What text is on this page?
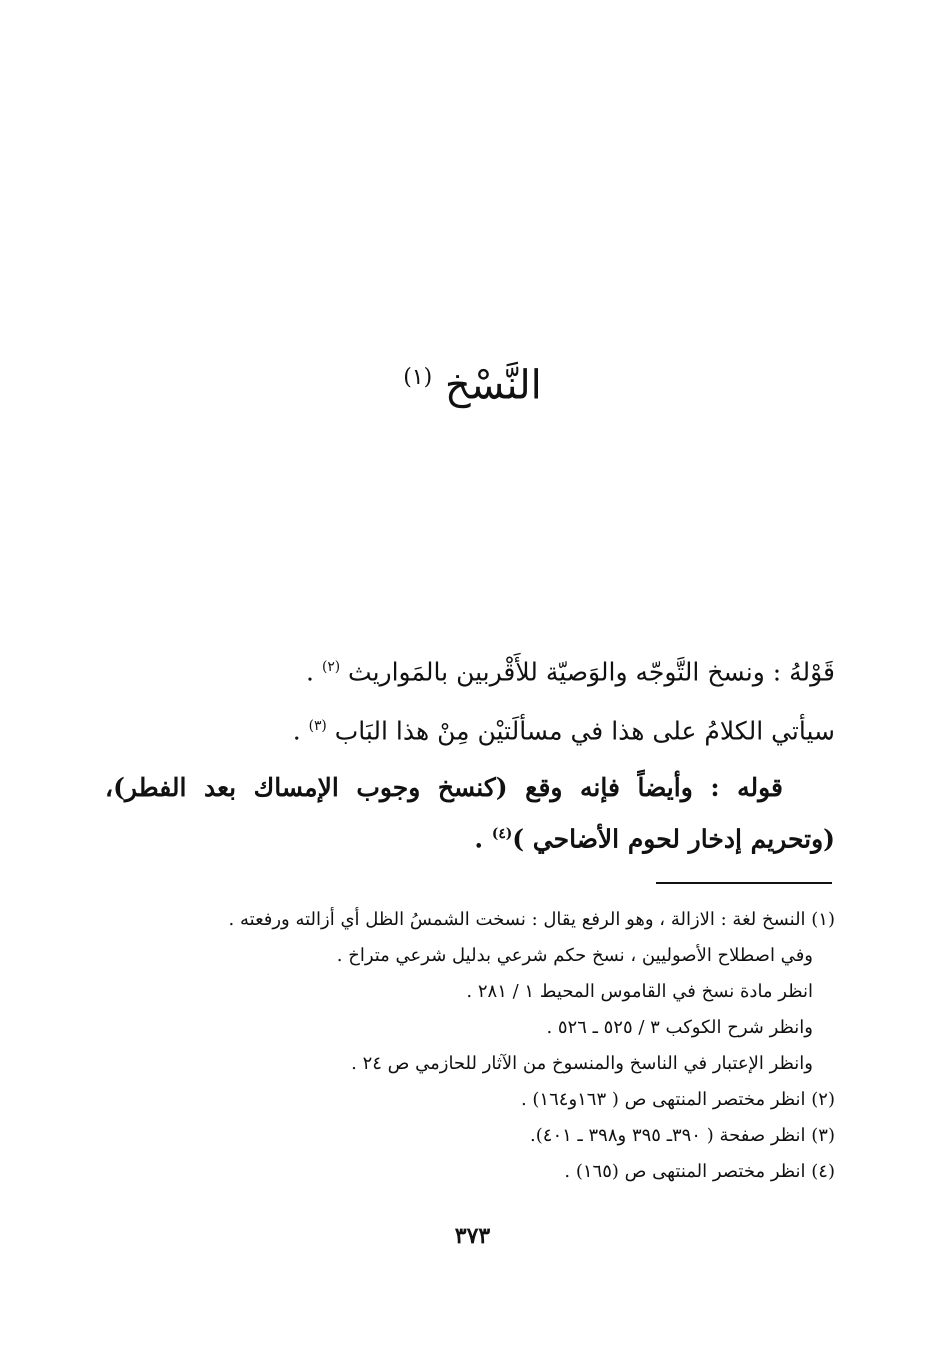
النَّسْخ $^{(١)}$

قَوْلهُ : ونسخ التَّوجّه والوَصيّة للأَقْربين بالمَواريث $^{(٢)}$ .

سيأتي الكلامُ على هذا في مسألَتيْن مِنْ هذا البَاب $^{(٣)}$ .

قوله : وأيضاً فإنه وقع (كنسخ وجوب الإمساك بعد الفطر)،
(وتحريم إدخار لحوم الأضاحي )$^{(٤)}$ .

(١) النسخ لغة : الازالة ، وهو الرفع يقال : نسخت الشمسُ الظل أي أزالته ورفعته .

وفي اصطلاح الأصوليين ، نسخ حكم شرعي بدليل شرعي متراخ .

انظر مادة نسخ في القاموس المحيط ١ / ٢٨١ .

وانظر شرح الكوكب ٣ / ٥٢٥ ـ ٥٢٦ .

وانظر الإعتبار في الناسخ والمنسوخ من الآثار للحازمي ص ٢٤ .

(٢) انظر مختصر المنتهى ص ( ١٦٣و١٦٤) .

(٣) انظر صفحة ( ٣٩٠ـ ٣٩٥ و٣٩٨ ـ ٤٠١).

(٤) انظر مختصر المنتهى ص (١٦٥) .

٣٧٣
